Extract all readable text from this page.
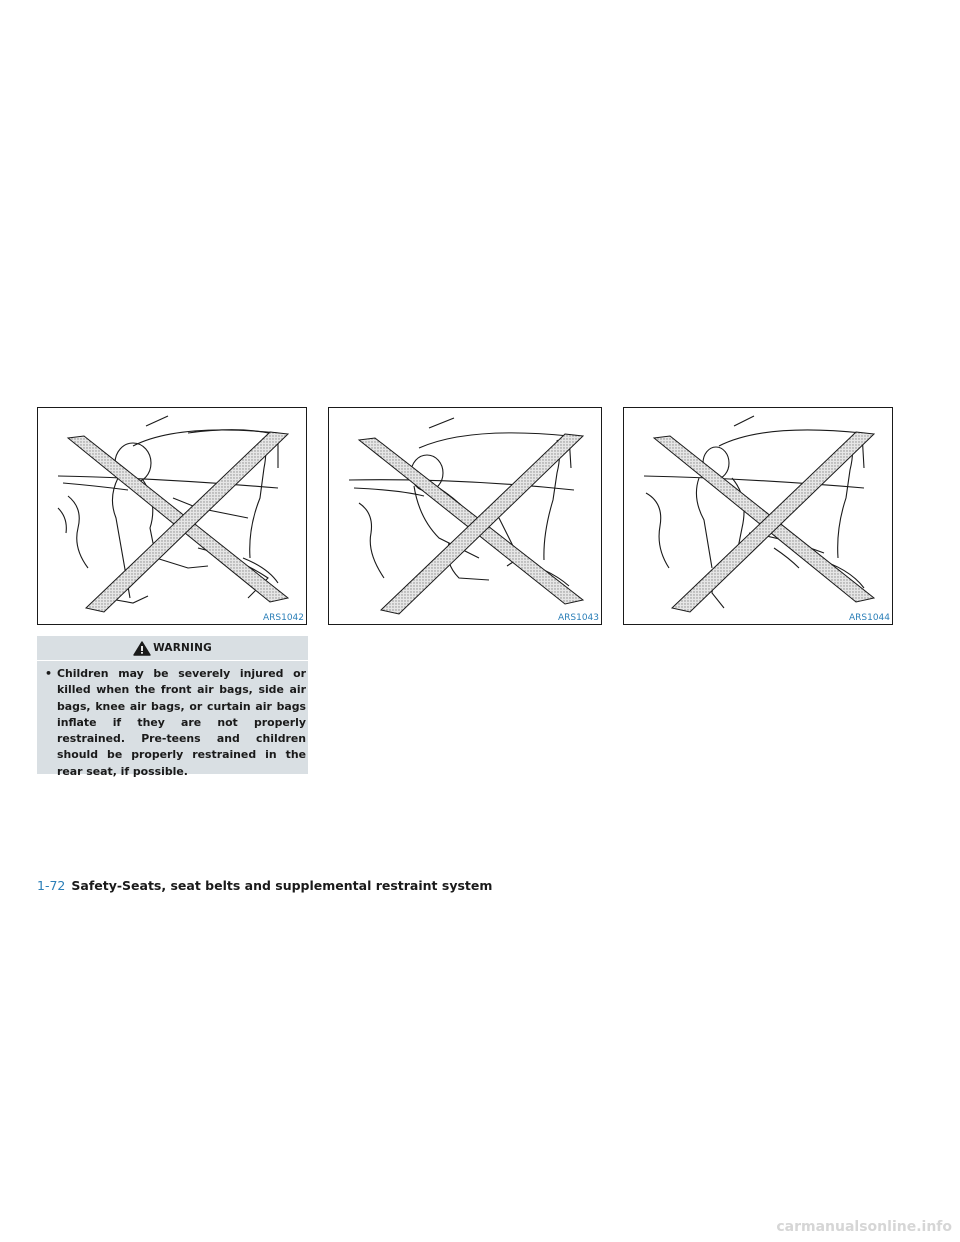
ARS1042	ARS1043	ARS1044
WARNING
• Children may be severely injured or killed when the front air bags, side air bags, knee air bags, or curtain air bags inflate if they are not properly restrained. Pre-teens and children should be properly restrained in the rear seat, if possible.
1-72 Safety-Seats, seat belts and supplemental restraint system
carmanualsonline.info
